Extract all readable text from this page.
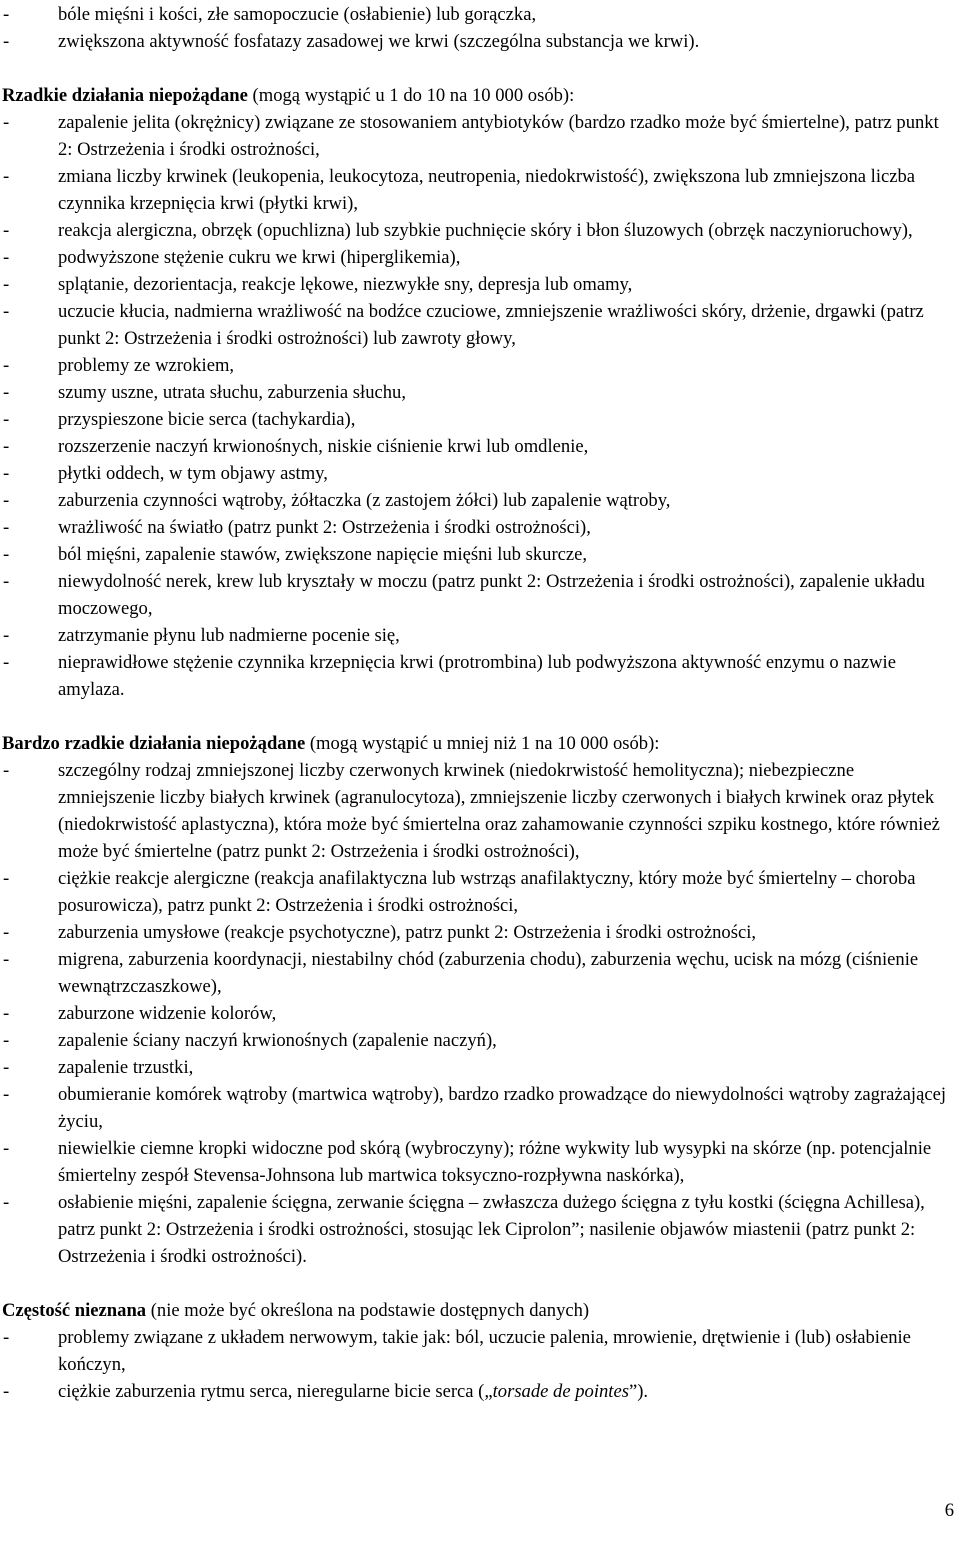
-	bóle mięśni i kości, złe samopoczucie (osłabienie) lub gorączka,
-	zwiększona aktywność fosfatazy zasadowej we krwi (szczególna substancja we krwi).
Rzadkie działania niepożądane (mogą wystąpić u 1 do 10 na 10 000 osób):
-	zapalenie jelita (okrężnicy) związane ze stosowaniem antybiotyków (bardzo rzadko może być śmiertelne), patrz punkt 2: Ostrzeżenia i środki ostrożności,
-	zmiana liczby krwinek (leukopenia, leukocytoza, neutropenia, niedokrwistość), zwiększona lub zmniejszona liczba czynnika krzepnięcia krwi (płytki krwi),
-	reakcja alergiczna, obrzęk (opuchlizna) lub szybkie puchnięcie skóry i błon śluzowych (obrzęk naczynioruchowy),
-	podwyższone stężenie cukru we krwi (hiperglikemia),
-	splątanie, dezorientacja, reakcje lękowe, niezwykłe sny, depresja lub omamy,
-	uczucie kłucia, nadmierna wrażliwość na bodźce czuciowe, zmniejszenie wrażliwości skóry, drżenie, drgawki (patrz punkt 2: Ostrzeżenia i środki ostrożności) lub zawroty głowy,
-	problemy ze wzrokiem,
-	szumy uszne, utrata słuchu, zaburzenia słuchu,
-	przyspieszone bicie serca (tachykardia),
-	rozszerzenie naczyń krwionośnych, niskie ciśnienie krwi lub omdlenie,
-	płytki oddech, w tym objawy astmy,
-	zaburzenia czynności wątroby, żółtaczka (z zastojem żółci) lub zapalenie wątroby,
-	wrażliwość na światło (patrz punkt 2: Ostrzeżenia i środki ostrożności),
-	ból mięśni, zapalenie stawów, zwiększone napięcie mięśni lub skurcze,
-	niewydolność nerek, krew lub kryształy w moczu (patrz punkt 2: Ostrzeżenia i środki ostrożności), zapalenie układu moczowego,
-	zatrzymanie płynu lub nadmierne pocenie się,
-	nieprawidłowe stężenie czynnika krzepnięcia krwi (protrombina) lub podwyższona aktywność enzymu o nazwie amylaza.
Bardzo rzadkie działania niepożądane (mogą wystąpić u mniej niż 1 na 10 000 osób):
-	szczególny rodzaj zmniejszonej liczby czerwonych krwinek (niedokrwistość hemolityczna); niebezpieczne zmniejszenie liczby białych krwinek (agranulocytoza), zmniejszenie liczby czerwonych i białych krwinek oraz płytek (niedokrwistość aplastyczna), która może być śmiertelna oraz zahamowanie czynności szpiku kostnego, które również może być śmiertelne (patrz punkt 2: Ostrzeżenia i środki ostrożności),
-	ciężkie reakcje alergiczne (reakcja anafilaktyczna lub wstrząs anafilaktyczny, który może być śmiertelny – choroba posurowicza), patrz punkt 2: Ostrzeżenia i środki ostrożności,
-	zaburzenia umysłowe (reakcje psychotyczne), patrz punkt 2: Ostrzeżenia i środki ostrożności,
-	migrena, zaburzenia koordynacji, niestabilny chód (zaburzenia chodu), zaburzenia węchu, ucisk na mózg (ciśnienie wewnątrzczaszkowe),
-	zaburzone widzenie kolorów,
-	zapalenie ściany naczyń krwionośnych (zapalenie naczyń),
-	zapalenie trzustki,
-	obumieranie komórek wątroby (martwica wątroby), bardzo rzadko prowadzące do niewydolności wątroby zagrażającej życiu,
-	niewielkie ciemne kropki widoczne pod skórą (wybroczyny); różne wykwity lub wysypki na skórze (np. potencjalnie śmiertelny zespół Stevensa-Johnsona lub martwica toksyczno-rozpływna naskórka),
-	osłabienie mięśni, zapalenie ścięgna, zerwanie ścięgna – zwłaszcza dużego ścięgna z tyłu kostki (ścięgna Achillesa), patrz punkt 2: Ostrzeżenia i środki ostrożności, stosując lek Ciprolon”; nasilenie objawów miastenii (patrz punkt 2: Ostrzeżenia i środki ostrożności).
Częstość nieznana (nie może być określona na podstawie dostępnych danych)
-	problemy związane z układem nerwowym, takie jak: ból, uczucie palenia, mrowienie, drętwienie i (lub) osłabienie kończyn,
-	ciężkie zaburzenia rytmu serca, nieregularne bicie serca („torsade de pointes”).
6
